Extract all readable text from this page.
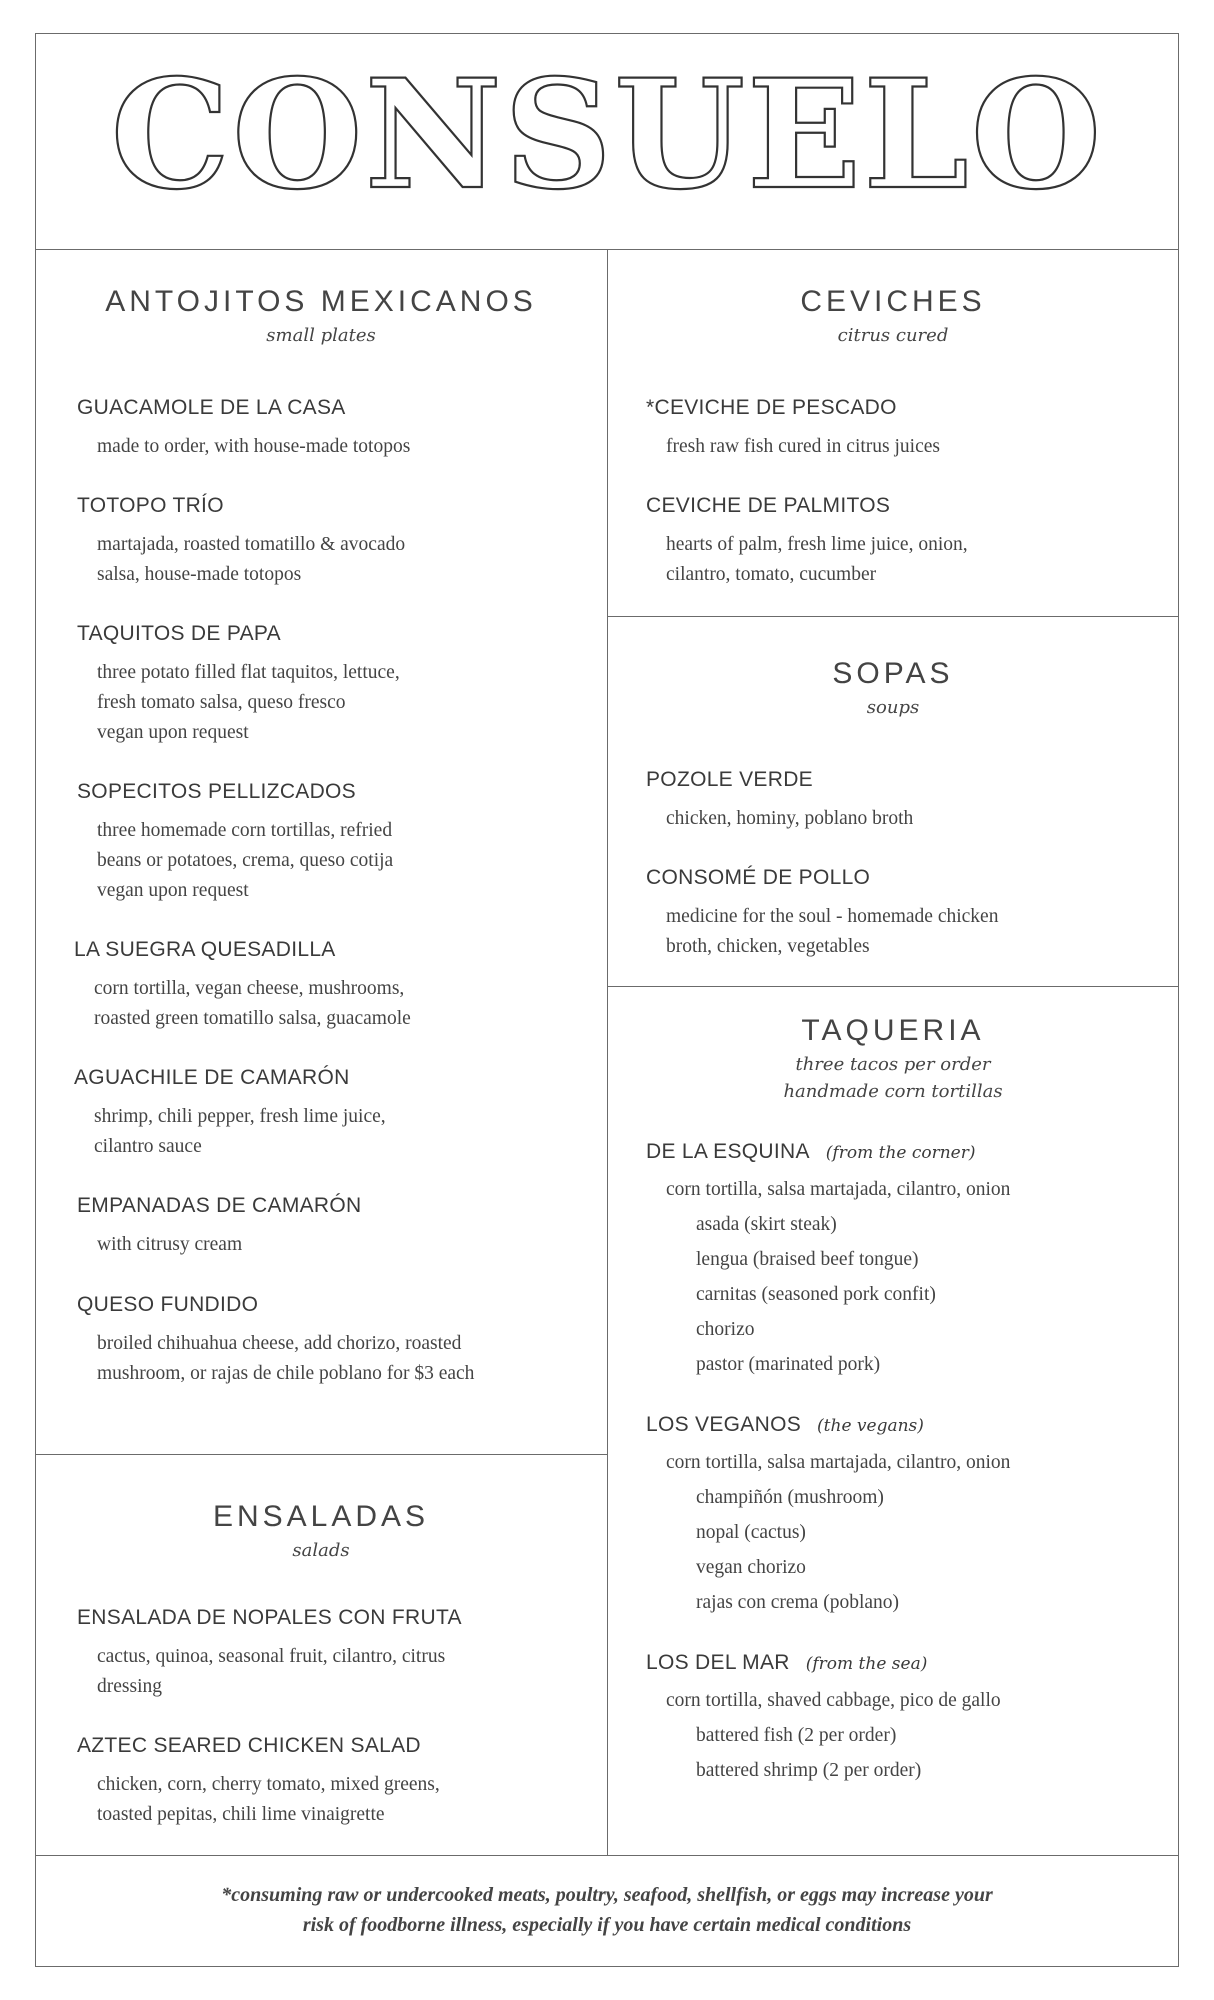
CONSUELO
ANTOJITOS MEXICANOS
small plates
GUACAMOLE DE LA CASA
made to order, with house-made totopos
TOTOPO TRÍO
martajada, roasted tomatillo & avocado
salsa, house-made totopos
TAQUITOS DE PAPA
three potato filled flat taquitos, lettuce,
fresh tomato salsa, queso fresco
vegan upon request
SOPECITOS PELLIZCADOS
three homemade corn tortillas, refried
beans or potatoes, crema, queso cotija
vegan upon request
LA SUEGRA QUESADILLA
corn tortilla, vegan cheese, mushrooms,
roasted green tomatillo salsa, guacamole
AGUACHILE DE CAMARÓN
shrimp, chili pepper, fresh lime juice,
cilantro sauce
EMPANADAS DE CAMARÓN
with citrusy cream
QUESO FUNDIDO
broiled chihuahua cheese, add chorizo, roasted
mushroom, or rajas de chile poblano for $3 each
ENSALADAS
salads
ENSALADA DE NOPALES CON FRUTA
cactus, quinoa, seasonal fruit, cilantro, citrus
dressing
AZTEC SEARED CHICKEN SALAD
chicken, corn, cherry tomato, mixed greens,
toasted pepitas, chili lime vinaigrette
CEVICHES
citrus cured
*CEVICHE DE PESCADO
fresh raw fish cured in citrus juices
CEVICHE DE PALMITOS
hearts of palm, fresh lime juice, onion,
cilantro, tomato, cucumber
SOPAS
soups
POZOLE VERDE
chicken, hominy, poblano broth
CONSOMÉ DE POLLO
medicine for the soul - homemade chicken
broth, chicken, vegetables
TAQUERIA
three tacos per order
handmade corn tortillas
DE LA ESQUINA (from the corner)
corn tortilla, salsa martajada, cilantro, onion
asada (skirt steak)
lengua (braised beef tongue)
carnitas (seasoned pork confit)
chorizo
pastor (marinated pork)
LOS VEGANOS (the vegans)
corn tortilla, salsa martajada, cilantro, onion
champiñón (mushroom)
nopal (cactus)
vegan chorizo
rajas con crema (poblano)
LOS DEL MAR (from the sea)
corn tortilla, shaved cabbage, pico de gallo
battered fish (2 per order)
battered shrimp (2 per order)
*consuming raw or undercooked meats, poultry, seafood, shellfish, or eggs may increase your
risk of foodborne illness, especially if you have certain medical conditions
